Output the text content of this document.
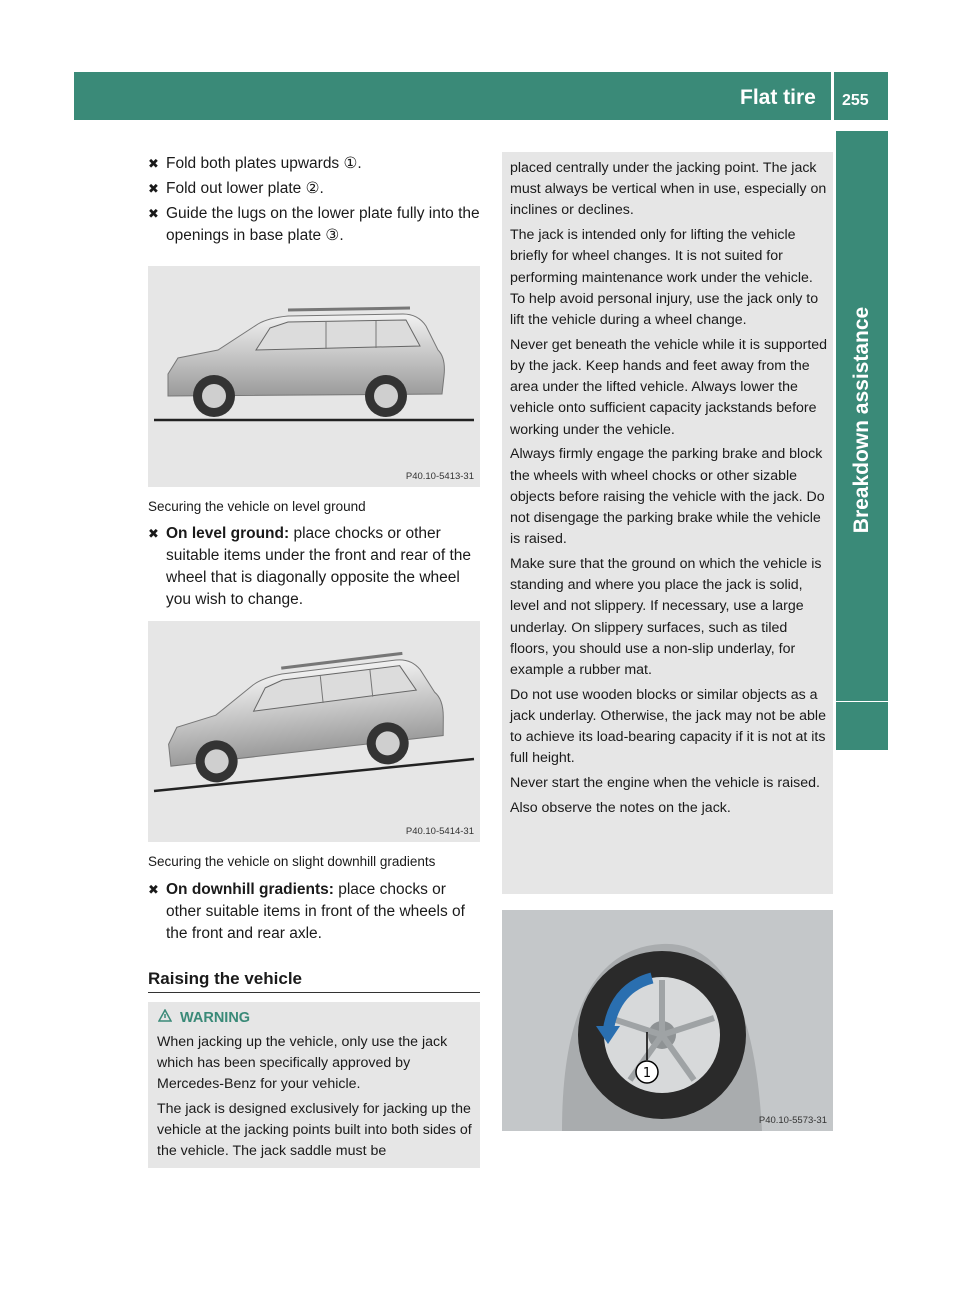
Flat tire 255
Breakdown assistance
✖ Fold both plates upwards ①.
✖ Fold out lower plate ②.
✖ Guide the lugs on the lower plate fully into the openings in base plate ③.
P40.10-5413-31
Securing the vehicle on level ground
✖ On level ground: place chocks or other suitable items under the front and rear of the wheel that is diagonally opposite the wheel you wish to change.
P40.10-5414-31
Securing the vehicle on slight downhill gradients
✖ On downhill gradients: place chocks or other suitable items in front of the wheels of the front and rear axle.
Raising the vehicle
WARNING

When jacking up the vehicle, only use the jack which has been specifically approved by Mercedes-Benz for your vehicle.

The jack is designed exclusively for jacking up the vehicle at the jacking points built into both sides of the vehicle. The jack saddle must be

placed centrally under the jacking point. The jack must always be vertical when in use, especially on inclines or declines.

The jack is intended only for lifting the vehicle briefly for wheel changes. It is not suited for performing maintenance work under the vehicle. To help avoid personal injury, use the jack only to lift the vehicle during a wheel change.

Never get beneath the vehicle while it is supported by the jack. Keep hands and feet away from the area under the lifted vehicle. Always lower the vehicle onto sufficient capacity jackstands before working under the vehicle.

Always firmly engage the parking brake and block the wheels with wheel chocks or other sizable objects before raising the vehicle with the jack. Do not disengage the parking brake while the vehicle is raised.

Make sure that the ground on which the vehicle is standing and where you place the jack is solid, level and not slippery. If necessary, use a large underlay. On slippery surfaces, such as tiled floors, you should use a non-slip underlay, for example a rubber mat.

Do not use wooden blocks or similar objects as a jack underlay. Otherwise, the jack may not be able to achieve its load-bearing capacity if it is not at its full height.

Never start the engine when the vehicle is raised.

Also observe the notes on the jack.

1
P40.10-5573-31
